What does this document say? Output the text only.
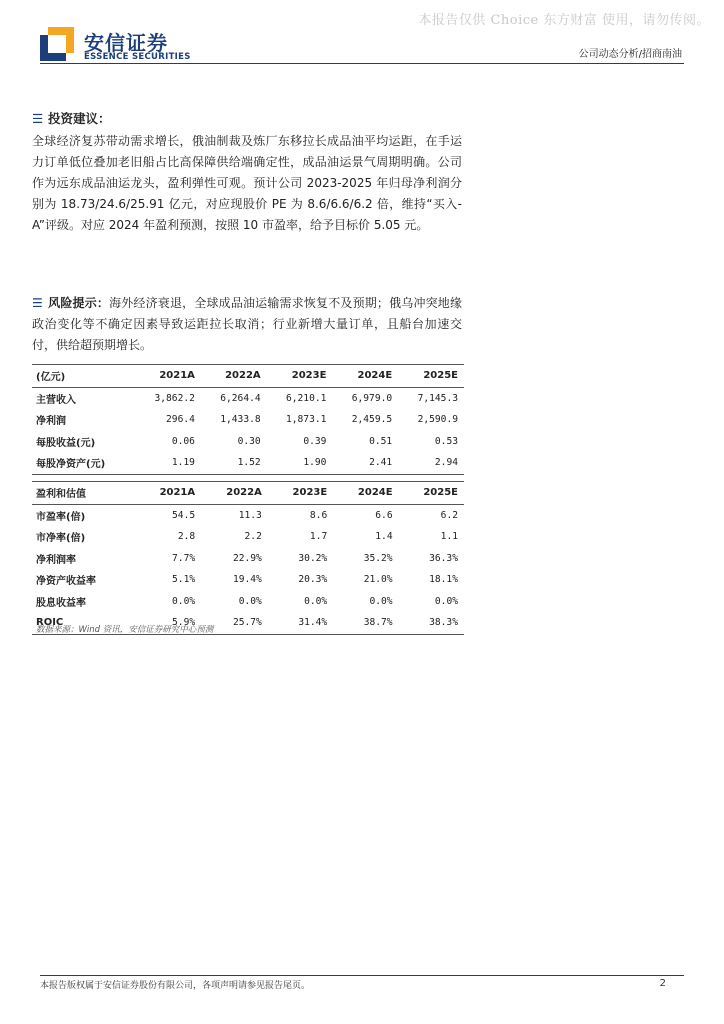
本报告仅供 Choice 东方财富 使用，请勿传阅。
安信证券
ESSENCE SECURITIES	公司动态分析/招商南油
☰ 投资建议：
全球经济复苏带动需求增长，俄油制裁及炼厂东移拉长成品油平均运距，在手运力订单低位叠加老旧船占比高保障供给端确定性，成品油运景气周期明确。公司作为远东成品油运龙头，盈利弹性可观。预计公司 2023-2025 年归母净利润分别为 18.73/24.6/25.91 亿元，对应现股价 PE 为 8.6/6.6/6.2 倍，维持“买入-A”评级。对应 2024 年盈利预测，按照 10 市盈率，给予目标价 5.05 元。
☰ 风险提示：海外经济衰退，全球成品油运输需求恢复不及预期；俄乌冲突地缘政治变化等不确定因素导致运距拉长取消；行业新增大量订单，且船台加速交付，供给超预期增长。
(亿元)	2021A	2022A	2023E	2024E	2025E
主营收入	3,862.2	6,264.4	6,210.1	6,979.0	7,145.3
净利润	296.4	1,433.8	1,873.1	2,459.5	2,590.9
每股收益(元)	0.06	0.30	0.39	0.51	0.53
每股净资产(元)	1.19	1.52	1.90	2.41	2.94
盈利和估值	2021A	2022A	2023E	2024E	2025E
市盈率(倍)	54.5	11.3	8.6	6.6	6.2
市净率(倍)	2.8	2.2	1.7	1.4	1.1
净利润率	7.7%	22.9%	30.2%	35.2%	36.3%
净资产收益率	5.1%	19.4%	20.3%	21.0%	18.1%
股息收益率	0.0%	0.0%	0.0%	0.0%	0.0%
ROIC	5.9%	25.7%	31.4%	38.7%	38.3%
数据来源：Wind 资讯，安信证券研究中心预测
本报告版权属于安信证券股份有限公司，各项声明请参见报告尾页。	2
